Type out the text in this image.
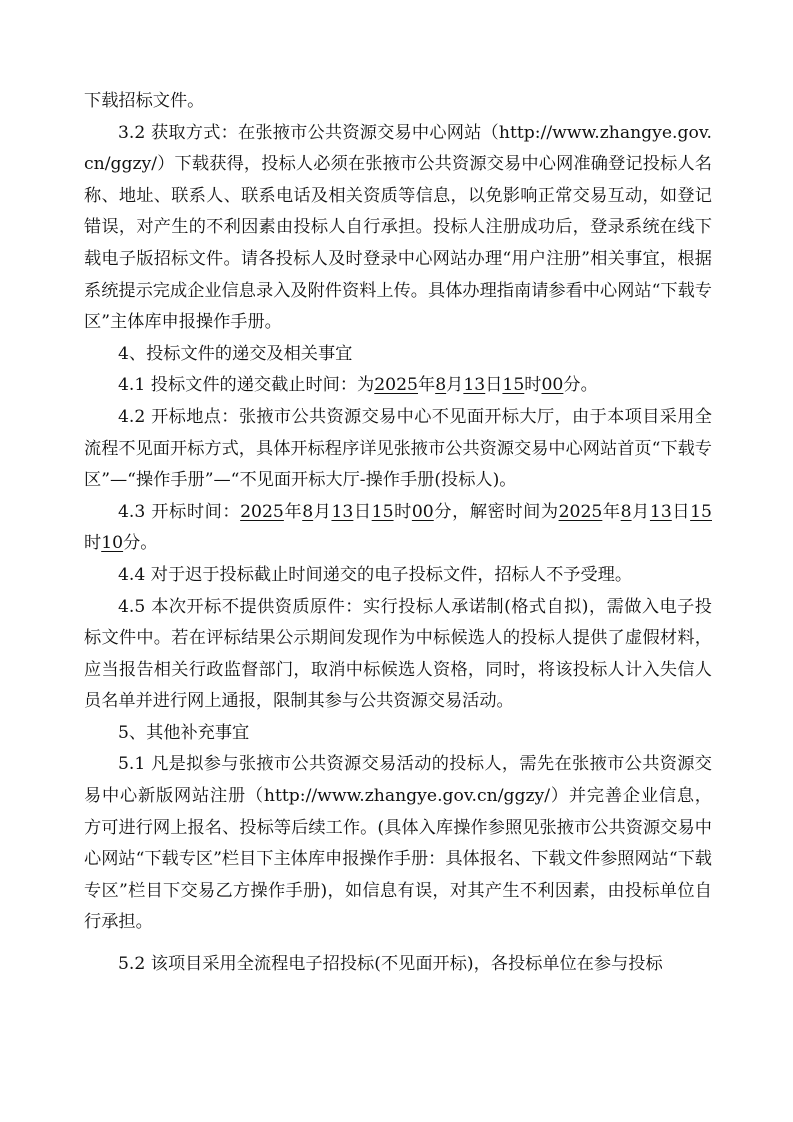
下载招标文件。

3.2 获取方式：在张掖市公共资源交易中心网站（http://www.zhangye.gov.cn/ggzy/）下载获得，投标人必须在张掖市公共资源交易中心网准确登记投标人名称、地址、联系人、联系电话及相关资质等信息，以免影响正常交易互动，如登记错误，对产生的不利因素由投标人自行承担。投标人注册成功后，登录系统在线下载电子版招标文件。请各投标人及时登录中心网站办理“用户注册”相关事宜，根据系统提示完成企业信息录入及附件资料上传。具体办理指南请参看中心网站“下载专区”主体库申报操作手册。

4、投标文件的递交及相关事宜

4.1 投标文件的递交截止时间：为2025年8月13日15时00分。

4.2 开标地点：张掖市公共资源交易中心不见面开标大厅，由于本项目采用全流程不见面开标方式，具体开标程序详见张掖市公共资源交易中心网站首页“下载专区”—“操作手册”—“不见面开标大厅-操作手册(投标人)。

4.3 开标时间：2025年8月13日15时00分，解密时间为2025年8月13日15时10分。

4.4 对于迟于投标截止时间递交的电子投标文件，招标人不予受理。

4.5 本次开标不提供资质原件：实行投标人承诺制(格式自拟)，需做入电子投标文件中。若在评标结果公示期间发现作为中标候选人的投标人提供了虚假材料，应当报告相关行政监督部门，取消中标候选人资格，同时，将该投标人计入失信人员名单并进行网上通报，限制其参与公共资源交易活动。

5、其他补充事宜

5.1 凡是拟参与张掖市公共资源交易活动的投标人，需先在张掖市公共资源交易中心新版网站注册（http://www.zhangye.gov.cn/ggzy/）并完善企业信息，方可进行网上报名、投标等后续工作。(具体入库操作参照见张掖市公共资源交易中心网站“下载专区”栏目下主体库申报操作手册：具体报名、下载文件参照网站“下载专区”栏目下交易乙方操作手册)，如信息有误，对其产生不利因素，由投标单位自行承担。

5.2 该项目采用全流程电子招投标(不见面开标)，各投标单位在参与投标
